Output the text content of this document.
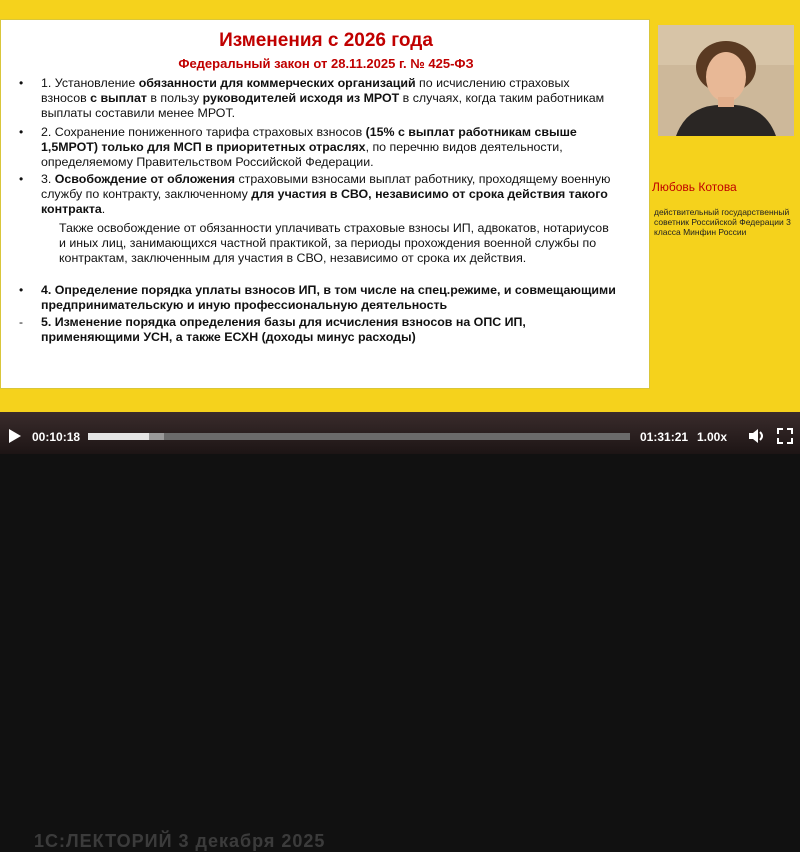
Изменения с 2026 года
Федеральный закон от 28.11.2025 г. № 425-ФЗ
• 1. Установление обязанности для коммерческих организаций по исчислению страховых взносов с выплат в пользу руководителей исходя из МРОТ в случаях, когда таким работникам выплаты составили менее МРОТ.
• 2. Сохранение пониженного тарифа страховых взносов (15% с выплат работникам свыше 1,5МРОТ) только для МСП в приоритетных отраслях, по перечню видов деятельности, определяемому Правительством Российской Федерации.
• 3. Освобождение от обложения страховыми взносами выплат работнику, проходящему военную службу по контракту, заключенному для участия в СВО, независимо от срока действия такого контракта.
Также освобождение от обязанности уплачивать страховые взносы ИП, адвокатов, нотариусов и иных лиц, занимающихся частной практикой, за периоды прохождения военной службы по контрактам, заключенным для участия в СВО, независимо от срока их действия.
• 4. Определение порядка уплаты взносов ИП, в том числе на спец.режиме, и совмещающими предпринимательскую и иную профессиональную деятельность
- 5. Изменение порядка определения базы для исчисления взносов на ОПС ИП, применяющими УСН, а также ЕСХН (доходы минус расходы)
Любовь Котова
действительный государственный советник Российской Федерации 3 класса Минфин России
1С:ЛЕКТОРИЙ 3 декабря 2025
00:10:18	01:31:21 1.00x
